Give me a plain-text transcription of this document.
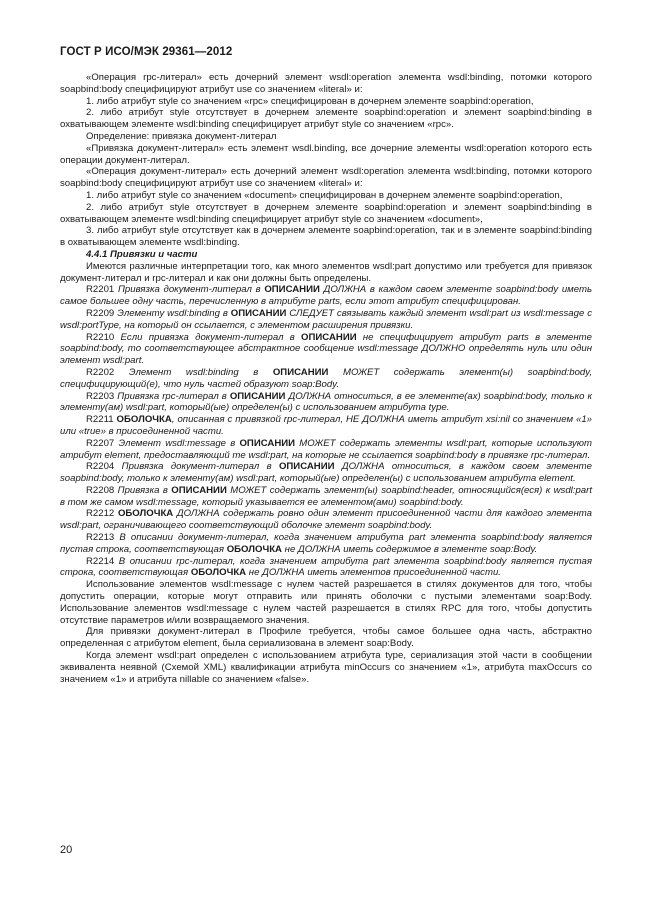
ГОСТ Р ИСО/МЭК 29361—2012

«Операция rpc-литерал» есть дочерний элемент wsdl:operation элемента wsdl:binding, потомки которого soapbind:body специфицируют атрибут use со значением «literal» и:

1. либо атрибут style со значением «rpc» специфицирован в дочернем элементе soapbind:operation,

2. либо атрибут style отсутствует в дочернем элементе soapbind:operation и элемент soapbind:binding в охватывающем элементе wsdl:binding специфицирует атрибут style со значением «rpc».

Определение: привязка документ-литерал

«Привязка документ-литерал» есть элемент wsdl.binding, все дочерние элементы wsdl:operation которого есть операции документ-литерал.

«Операция документ-литерал» есть дочерний элемент wsdl:operation элемента wsdl:binding, потомки которого soapbind:body специфицируют атрибут use со значением «literal» и:

1. либо атрибут style со значением «document» специфицирован в дочернем элементе soapbind:operation,

2. либо атрибут style отсутствует в дочернем элементе soapbind:operation и элемент soapbind:binding в охватывающем элементе wsdl:binding специфицирует атрибут style со значением «document»,

3. либо атрибут style отсутствует как в дочернем элементе soapbind:operation, так и в элементе soapbind:binding в охватывающем элементе wsdl:binding.

4.4.1 Привязки и части

Имеются различные интерпретации того, как много элементов wsdl:part допустимо или требуется для привязок документ-литерал и rpc-литерал и как они должны быть определены.

R2201 Привязка документ-литерал в ОПИСАНИИ ДОЛЖНА в каждом своем элементе soapbind:body иметь самое большее одну часть, перечисленную в атрибуте parts, если этот атрибут специфицирован.

R2209 Элементу wsdl:binding в ОПИСАНИИ СЛЕДУЕТ связывать каждый элемент wsdl:part из wsdl:message с wsdl:portType, на который он ссылается, с элементом расширения привязки.

R2210 Если привязка документ-литерал в ОПИСАНИИ не специфицирует атрибут parts в элементе soapbind:body, то соответствующее абстрактное сообщение wsdl:message ДОЛЖНО определять нуль или один элемент wsdl:part.

R2202 Элемент wsdl:binding в ОПИСАНИИ МОЖЕТ содержать элемент(ы) soapbind:body, специфицирующий(е), что нуль частей образуют soap:Body.

R2203 Привязка rpc-литерал в ОПИСАНИИ ДОЛЖНА относиться, в ее элементе(ах) soapbind:body, только к элементу(ам) wsdl:part, который(ые) определен(ы) с использованием атрибута type.

R2211 ОБОЛОЧКА, описанная с привязкой rpc-литерал, НЕ ДОЛЖНА иметь атрибут xsi:nil со значением «1» или «true» в присоединенной части.

R2207 Элемент wsdl:message в ОПИСАНИИ МОЖЕТ содержать элементы wsdl:part, которые используют атрибут element, предоставляющий те wsdl:part, на которые не ссылается soapbind:body в привязке rpc-литерал.

R2204 Привязка документ-литерал в ОПИСАНИИ ДОЛЖНА относиться, в каждом своем элементе soapbind:body, только к элементу(ам) wsdl:part, который(ые) определен(ы) с использованием атрибута element.

R2208 Привязка в ОПИСАНИИ МОЖЕТ содержать элемент(ы) soapbind:header, относящийся(еся) к wsdl:part в том же самом wsdl:message, который указывается ее элементом(ами) soapbind:body.

R2212 ОБОЛОЧКА ДОЛЖНА содержать ровно один элемент присоединенной части для каждого элемента wsdl:part, ограничивающего соответствующий оболочке элемент soapbind:body.

R2213 В описании документ-литерал, когда значением атрибута part элемента soapbind:body является пустая строка, соответствующая ОБОЛОЧКА не ДОЛЖНА иметь содержимое в элементе soap:Body.

R2214 В описании rpc-литерал, когда значением атрибута part элемента soapbind:body является пустая строка, соответствующая ОБОЛОЧКА не ДОЛЖНА иметь элементов присоединенной части.

Использование элементов wsdl:message с нулем частей разрешается в стилях документов для того, чтобы допустить операции, которые могут отправить или принять оболочки с пустыми элементами soap:Body. Использование элементов wsdl:message с нулем частей разрешается в стилях RPC для того, чтобы допустить отсутствие параметров и/или возвращаемого значения.

Для привязки документ-литерал в Профиле требуется, чтобы самое большее одна часть, абстрактно определенная с атрибутом element, была сериализована в элемент soap:Body.

Когда элемент wsdl:part определен с использованием атрибута type, сериализация этой части в сообщении эквивалента неявной (Схемой XML) квалификации атрибута minOccurs со значением «1», атрибута maxOccurs со значением «1» и атрибута nillable со значением «false».

20
